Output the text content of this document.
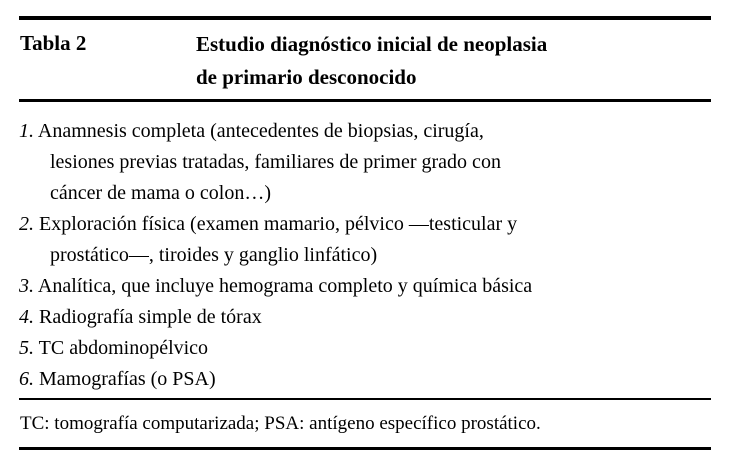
Tabla 2	Estudio diagnóstico inicial de neoplasia
de primario desconocido
1. Anamnesis completa (antecedentes de biopsias, cirugía,
lesiones previas tratadas, familiares de primer grado con
cáncer de mama o colon…)
2. Exploración física (examen mamario, pélvico —testicular y
prostático—, tiroides y ganglio linfático)
3. Analítica, que incluye hemograma completo y química básica
4. Radiografía simple de tórax
5. TC abdominopélvico
6. Mamografías (o PSA)
TC: tomografía computarizada; PSA: antígeno específico prostático.
